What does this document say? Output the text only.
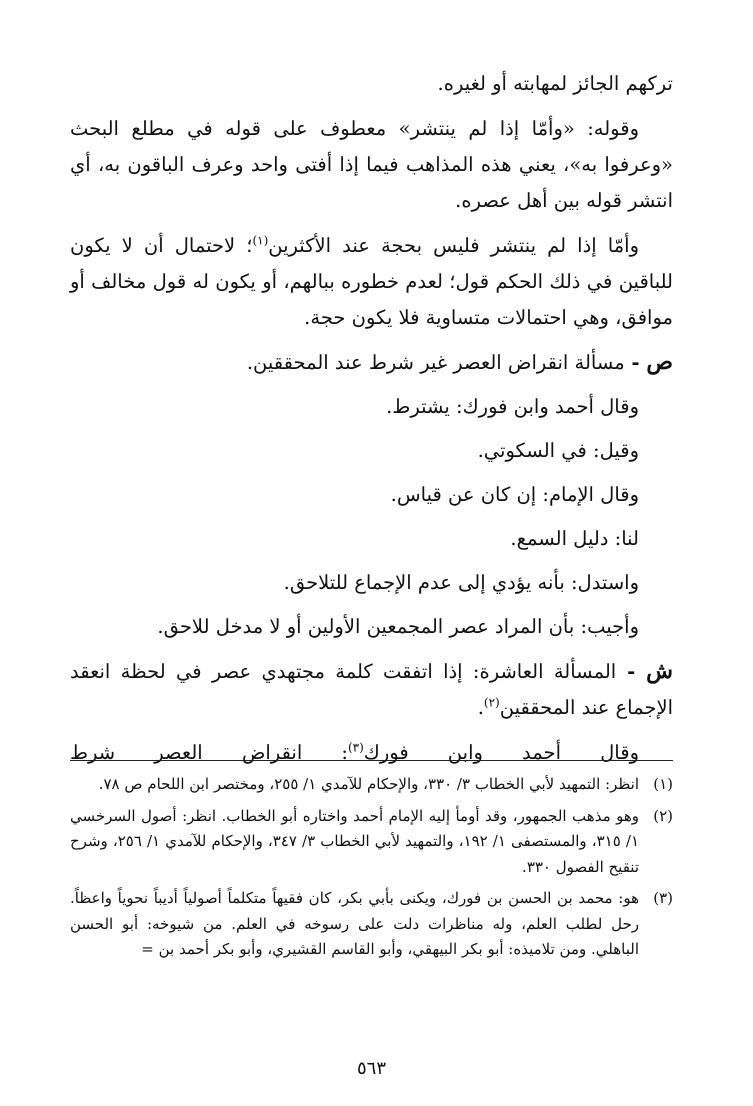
تركهم الجائز لمهابته أو لغيره.

وقوله: «وأمّا إذا لم ينتشر» معطوف على قوله في مطلع البحث «وعرفوا به»، يعني هذه المذاهب فيما إذا أفتى واحد وعرف الباقون به، أي انتشر قوله بين أهل عصره.

وأمّا إذا لم ينتشر فليس بحجة عند الأكثرين$^{(١)}$؛ لاحتمال أن لا يكون للباقين في ذلك الحكم قول؛ لعدم خطوره ببالهم، أو يكون له قول مخالف أو موافق، وهي احتمالات متساوية فلا يكون حجة.

ص - مسألة انقراض العصر غير شرط عند المحققين.

وقال أحمد وابن فورك: يشترط.

وقيل: في السكوتي.

وقال الإمام: إن كان عن قياس.

لنا: دليل السمع.

واستدل: بأنه يؤدي إلى عدم الإجماع للتلاحق.

وأجيب: بأن المراد عصر المجمعين الأولين أو لا مدخل للاحق.

ش - المسألة العاشرة: إذا اتفقت كلمة مجتهدي عصر في لحظة انعقد الإجماع عند المحققين$^{(٢)}$.

وقال أحمد وابن فورك$^{(٣)}$: انقراض العصر شرط

(١)
انظر: التمهيد لأبي الخطاب ٣/ ٣٣٠، والإحكام للآمدي ١/ ٢٥٥، ومختصر ابن اللحام ص ٧٨.
(٢)
وهو مذهب الجمهور، وقد أومأ إليه الإمام أحمد واختاره أبو الخطاب. انظر: أصول السرخسي ١/ ٣١٥، والمستصفى ١/ ١٩٢، والتمهيد لأبي الخطاب ٣/ ٣٤٧، والإحكام للآمدي ١/ ٢٥٦، وشرح تنقيح الفصول ٣٣٠.
(٣)
هو: محمد بن الحسن بن فورك، ويكنى بأبي بكر، كان فقيهاً متكلماً أصولياً أديباً نحوياً واعظاً. رحل لطلب العلم، وله مناظرات دلت على رسوخه في العلم. من شيوخه: أبو الحسن الباهلي. ومن تلاميذه: أبو بكر البيهقي، وأبو القاسم القشيري، وأبو بكر أحمد بن =
٥٦٣
